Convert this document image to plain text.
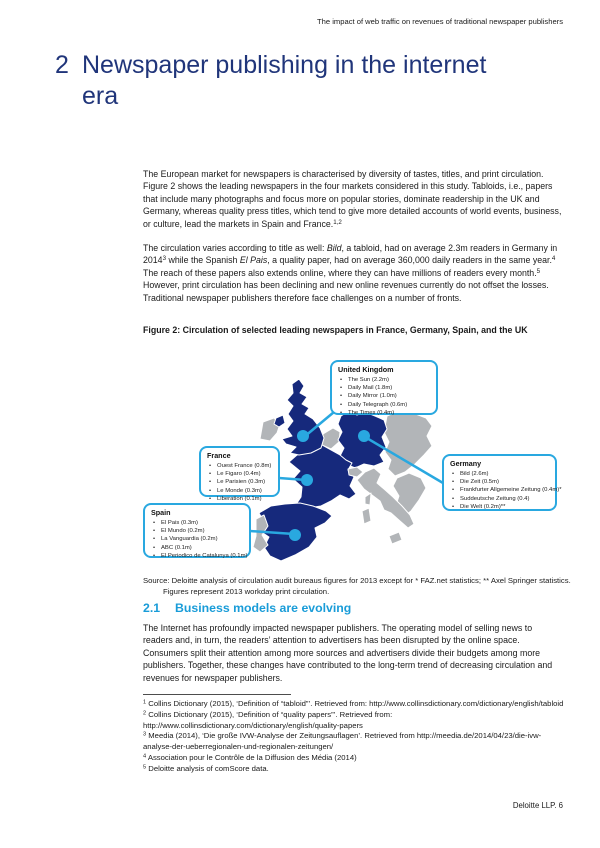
The impact of web traffic on revenues of traditional newspaper publishers
2 Newspaper publishing in the internet
era
The European market for newspapers is characterised by diversity of tastes, titles, and print circulation. Figure 2 shows the leading newspapers in the four markets considered in this study. Tabloids, i.e., papers that include many photographs and focus more on popular stories, dominate readership in the UK and Germany, whereas quality press titles, which tend to give more detailed accounts of world events, business, or culture, lead the markets in Spain and France.$^{1,2}$
The circulation varies according to title as well: Bild, a tabloid, had on average 2.3m readers in Germany in 2014$^3$ while the Spanish El Pais, a quality paper, had on average 360,000 daily readers in the same year.$^4$ The reach of these papers also extends online, where they can have millions of readers every month.$^5$ However, print circulation has been declining and new online revenues currently do not offset the losses. Traditional newspaper publishers therefore face challenges on a number of fronts.
Figure 2: Circulation of selected leading newspapers in France, Germany, Spain, and the UK
United Kingdom
• The Sun (2.2m)
• Daily Mail (1.8m)
• Daily Mirror (1.0m)
• Daily Telegraph (0.6m)
• The Times (0.4m)
France
• Ouest France (0.8m)
• Le Figaro (0.4m)
• Le Parisien (0.3m)
• Le Monde (0.3m)
• Liberation (0.1m)
Germany
• Bild (2.6m)
• Die Zeit (0.5m)
• Frankfurter Allgemeine Zeitung (0.4m)*
• Suddeutsche Zeitung (0.4)
• Die Welt (0.2m)**
Spain
• El Pais (0.3m)
• El Mundo (0.2m)
• La Vanguardia (0.2m)
• ABC (0.1m)
• El Periodico de Catalunya (0.1m)
Source: Deloitte analysis of circulation audit bureaus figures for 2013 except for * FAZ.net statistics; ** Axel Springer statistics. Figures represent 2013 workday print circulation.
2.1	Business models are evolving
The Internet has profoundly impacted newspaper publishers. The operating model of selling news to readers and, in turn, the readers’ attention to advertisers has been disrupted by the online space. Consumers split their attention among more sources and advertisers divide their budgets among more publishers. Together, these changes have contributed to the long-term trend of decreasing circulation and revenues for newspaper publishers.
$^1$ Collins Dictionary (2015), ‘Definition of “tabloid”’. Retrieved from: http://www.collinsdictionary.com/dictionary/english/tabloid
$^2$ Collins Dictionary (2015), ‘Definition of “quality papers”’. Retrieved from: http://www.collinsdictionary.com/dictionary/english/quality-papers
$^3$ Meedia (2014), ‘Die große IVW-Analyse der Zeitungsauflagen’. Retrieved from http://meedia.de/2014/04/23/die-ivw-analyse-der-ueberregionalen-und-regionalen-zeitungen/
$^4$ Association pour le Contrôle de la Diffusion des Média (2014)
$^5$ Deloitte analysis of comScore data.
Deloitte LLP. 6
